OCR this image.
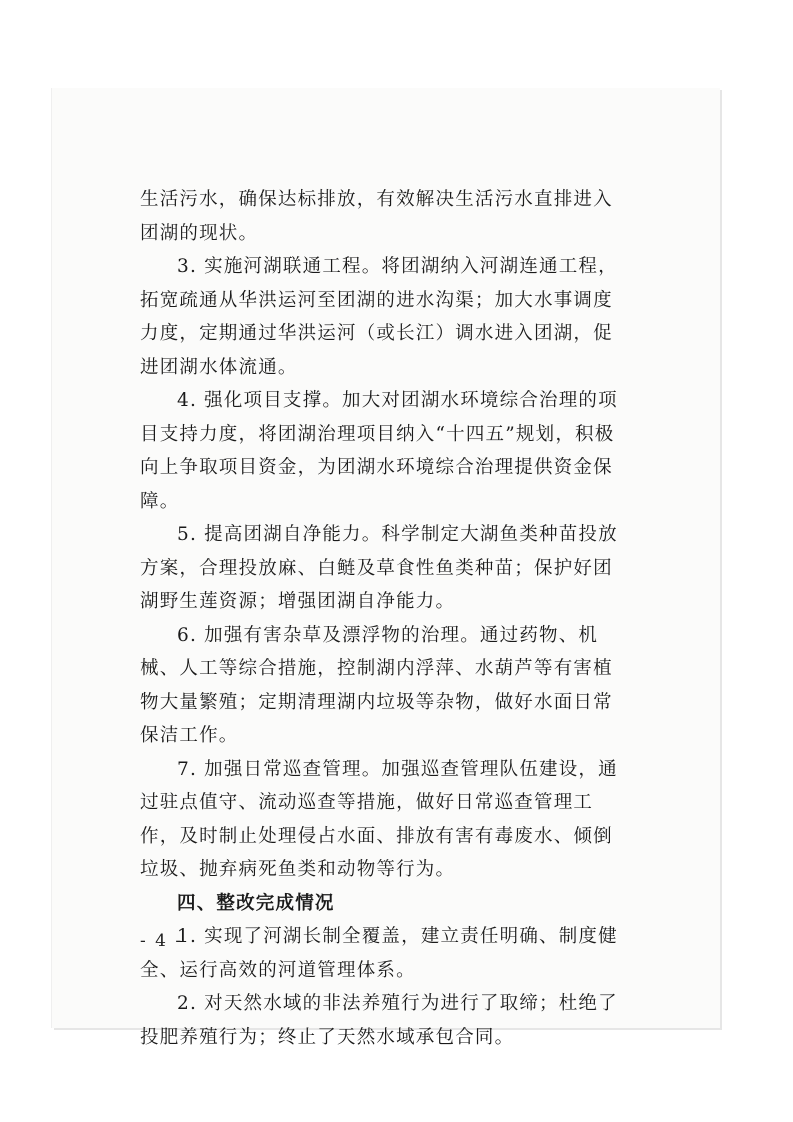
生活污水，确保达标排放，有效解决生活污水直排进入团湖的现状。

3. 实施河湖联通工程。将团湖纳入河湖连通工程，拓宽疏通从华洪运河至团湖的进水沟渠；加大水事调度力度，定期通过华洪运河（或长江）调水进入团湖，促进团湖水体流通。

4. 强化项目支撑。加大对团湖水环境综合治理的项目支持力度，将团湖治理项目纳入“十四五”规划，积极向上争取项目资金，为团湖水环境综合治理提供资金保障。

5. 提高团湖自净能力。科学制定大湖鱼类种苗投放方案，合理投放麻、白鲢及草食性鱼类种苗；保护好团湖野生莲资源；增强团湖自净能力。

6. 加强有害杂草及漂浮物的治理。通过药物、机械、人工等综合措施，控制湖内浮萍、水葫芦等有害植物大量繁殖；定期清理湖内垃圾等杂物，做好水面日常保洁工作。

7. 加强日常巡查管理。加强巡查管理队伍建设，通过驻点值守、流动巡查等措施，做好日常巡查管理工作，及时制止处理侵占水面、排放有害有毒废水、倾倒垃圾、抛弃病死鱼类和动物等行为。

四、整改完成情况

1. 实现了河湖长制全覆盖，建立责任明确、制度健全、运行高效的河道管理体系。

2. 对天然水域的非法养殖行为进行了取缔；杜绝了投肥养殖行为；终止了天然水域承包合同。

- 4 -
